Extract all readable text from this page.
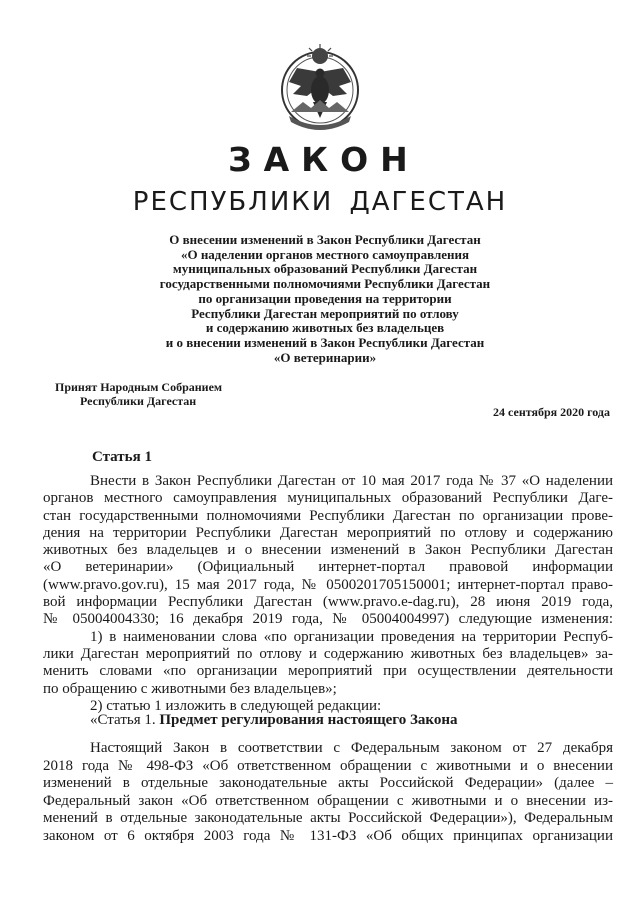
ЗАКОН
РЕСПУБЛИКИ ДАГЕСТАН
О внесении изменений в Закон Республики Дагестан
«О наделении органов местного самоуправления
муниципальных образований Республики Дагестан
государственными полномочиями Республики Дагестан
по организации проведения на территории
Республики Дагестан мероприятий по отлову
и содержанию животных без владельцев
и о внесении изменений в Закон Республики Дагестан
«О ветеринарии»
Принят Народным Собранием
Республики Дагестан
24 сентября 2020 года
Статья 1
Внести в Закон Республики Дагестан от 10 мая 2017 года № 37 «О наделении
органов местного самоуправления муниципальных образований Республики Даге-
стан государственными полномочиями Республики Дагестан по организации прове-
дения на территории Республики Дагестан мероприятий по отлову и содержанию
животных без владельцев и о внесении изменений в Закон Республики Дагестан
«О ветеринарии» (Официальный интернет-портал правовой информации
(www.pravo.gov.ru), 15 мая 2017 года, № 0500201705150001; интернет-портал право-
вой информации Республики Дагестан (www.pravo.e-dag.ru), 28 июня 2019 года,
№ 05004004330; 16 декабря 2019 года, № 05004004997) следующие изменения:
1) в наименовании слова «по организации проведения на территории Респуб-
лики Дагестан мероприятий по отлову и содержанию животных без владельцев» за-
менить словами «по организации мероприятий при осуществлении деятельности
по обращению с животными без владельцев»;
2) статью 1 изложить в следующей редакции:
«Статья 1. Предмет регулирования настоящего Закона
Настоящий Закон в соответствии с Федеральным законом от 27 декабря
2018 года № 498-ФЗ «Об ответственном обращении с животными и о внесении
изменений в отдельные законодательные акты Российской Федерации» (далее –
Федеральный закон «Об ответственном обращении с животными и о внесении из-
менений в отдельные законодательные акты Российской Федерации»), Федеральным
законом от 6 октября 2003 года № 131-ФЗ «Об общих принципах организации
